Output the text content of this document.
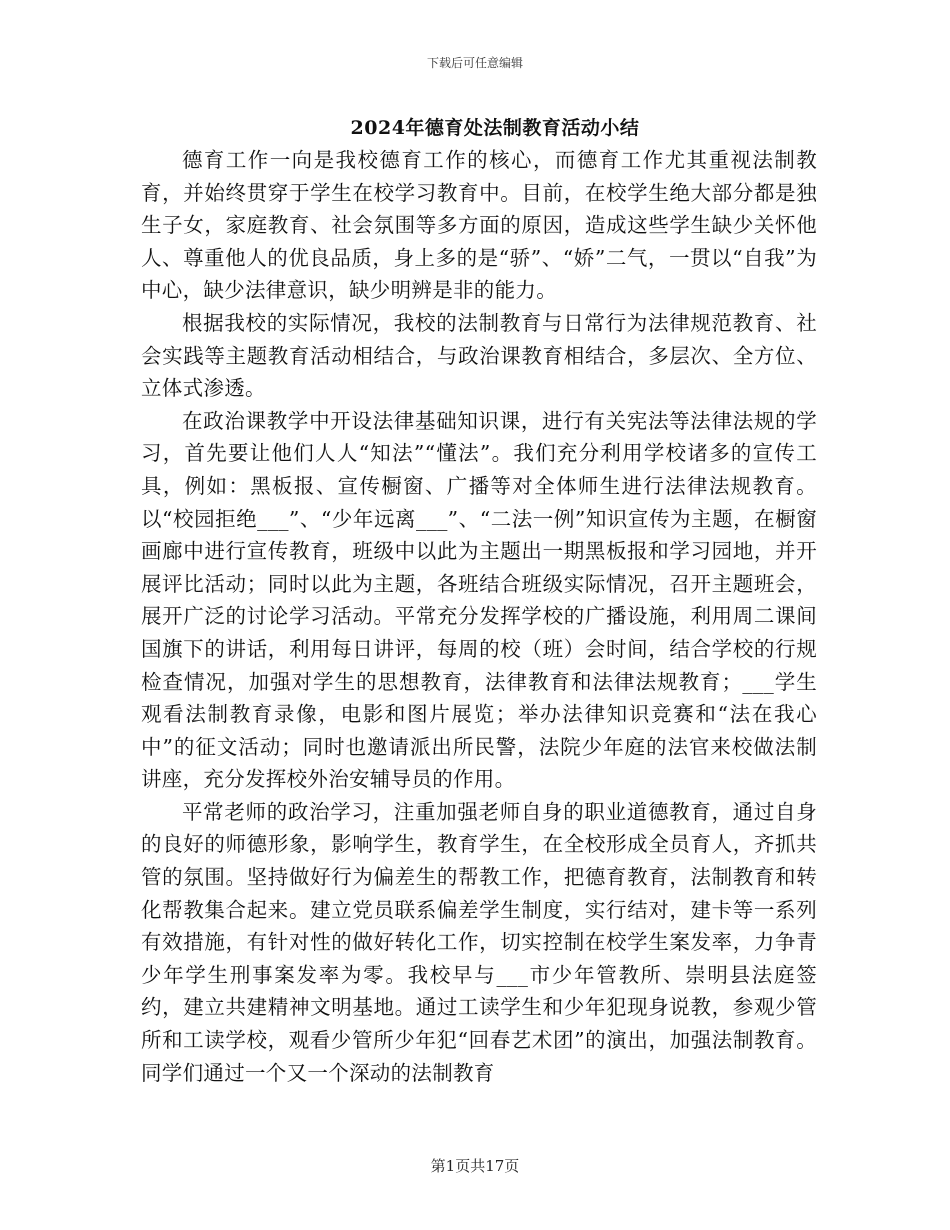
下载后可任意编辑
2024年德育处法制教育活动小结

德育工作一向是我校德育工作的核心，而德育工作尤其重视法制教育，并始终贯穿于学生在校学习教育中。目前，在校学生绝大部分都是独生子女，家庭教育、社会氛围等多方面的原因，造成这些学生缺少关怀他人、尊重他人的优良品质，身上多的是“骄”、“娇”二气，一贯以“自我”为中心，缺少法律意识，缺少明辨是非的能力。

根据我校的实际情况，我校的法制教育与日常行为法律规范教育、社会实践等主题教育活动相结合，与政治课教育相结合，多层次、全方位、立体式渗透。

在政治课教学中开设法律基础知识课，进行有关宪法等法律法规的学习，首先要让他们人人“知法”“懂法”。我们充分利用学校诸多的宣传工具，例如：黑板报、宣传橱窗、广播等对全体师生进行法律法规教育。以“校园拒绝___”、“少年远离___”、“二法一例”知识宣传为主题，在橱窗画廊中进行宣传教育，班级中以此为主题出一期黑板报和学习园地，并开展评比活动；同时以此为主题，各班结合班级实际情况，召开主题班会，展开广泛的讨论学习活动。平常充分发挥学校的广播设施，利用周二课间国旗下的讲话，利用每日讲评，每周的校（班）会时间，结合学校的行规检查情况，加强对学生的思想教育，法律教育和法律法规教育；___学生观看法制教育录像，电影和图片展览；举办法律知识竞赛和“法在我心中”的征文活动；同时也邀请派出所民警，法院少年庭的法官来校做法制讲座，充分发挥校外治安辅导员的作用。

平常老师的政治学习，注重加强老师自身的职业道德教育，通过自身的良好的师德形象，影响学生，教育学生，在全校形成全员育人，齐抓共管的氛围。坚持做好行为偏差生的帮教工作，把德育教育，法制教育和转化帮教集合起来。建立党员联系偏差学生制度，实行结对，建卡等一系列有效措施，有针对性的做好转化工作，切实控制在校学生案发率，力争青少年学生刑事案发率为零。我校早与___市少年管教所、崇明县法庭签约，建立共建精神文明基地。通过工读学生和少年犯现身说教，参观少管所和工读学校，观看少管所少年犯“回春艺术团”的演出，加强法制教育。同学们通过一个又一个深动的法制教育

第1页共17页
